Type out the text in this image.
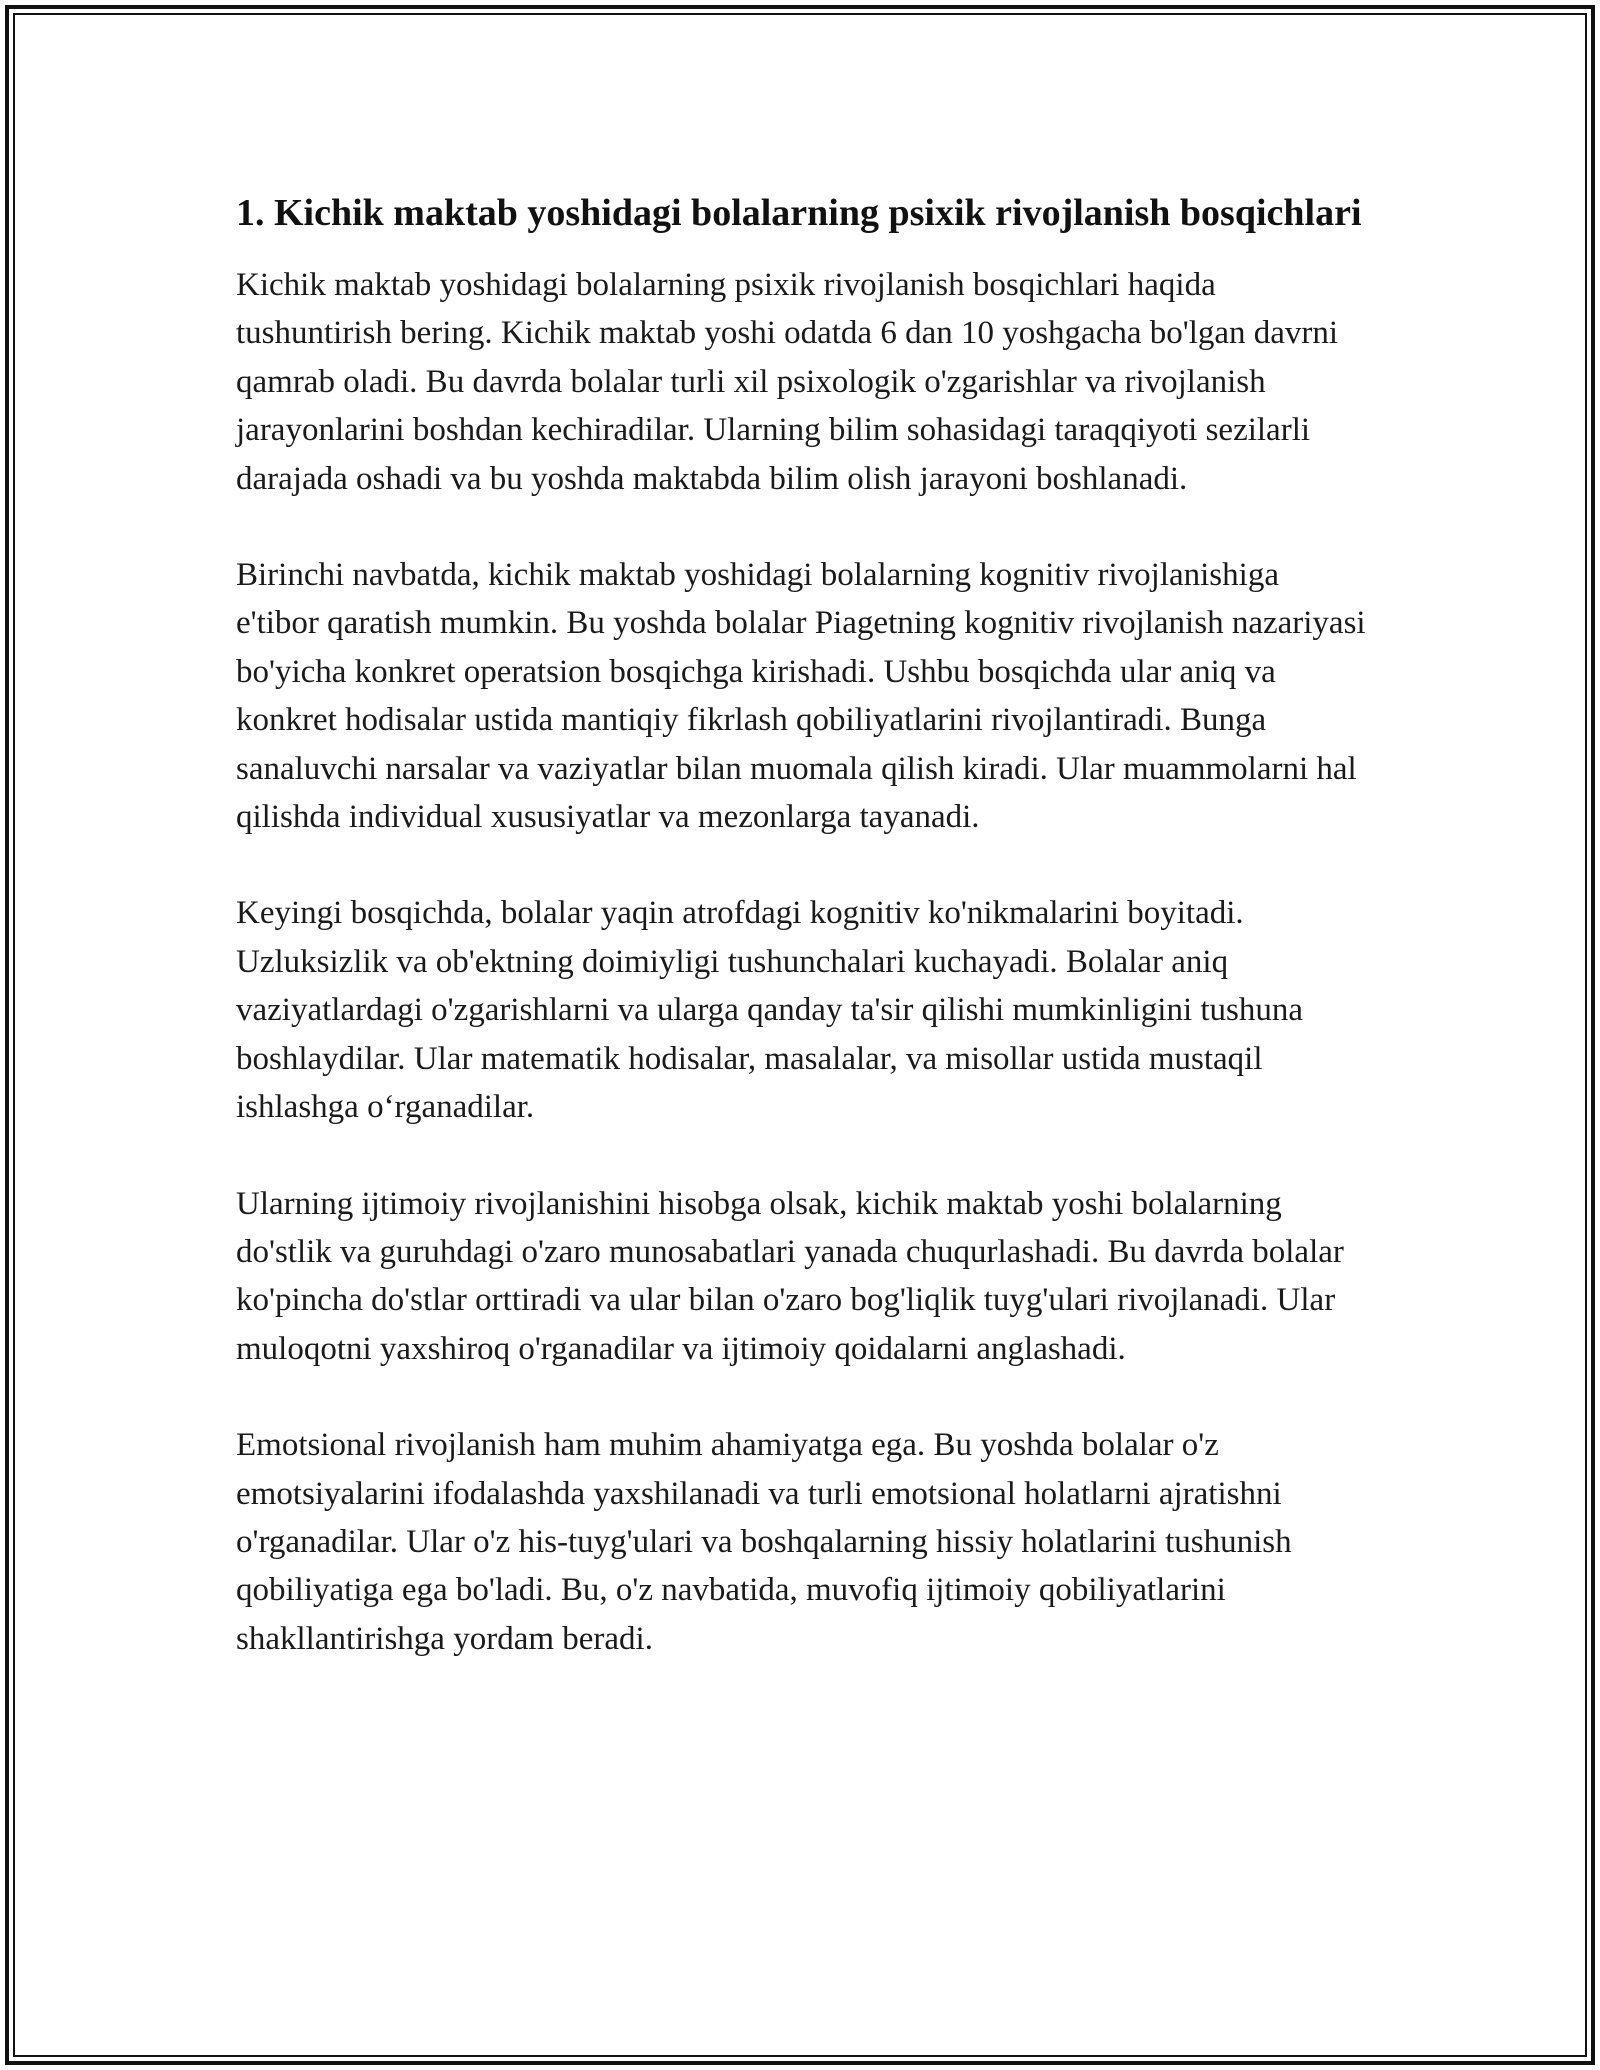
1. Kichik maktab yoshidagi bolalarning psixik rivojlanish bosqichlari

Kichik maktab yoshidagi bolalarning psixik rivojlanish bosqichlari haqida tushuntirish bering. Kichik maktab yoshi odatda 6 dan 10 yoshgacha bo'lgan davrni qamrab oladi. Bu davrda bolalar turli xil psixologik o'zgarishlar va rivojlanish jarayonlarini boshdan kechiradilar. Ularning bilim sohasidagi taraqqiyoti sezilarli darajada oshadi va bu yoshda maktabda bilim olish jarayoni boshlanadi.

Birinchi navbatda, kichik maktab yoshidagi bolalarning kognitiv rivojlanishiga e'tibor qaratish mumkin. Bu yoshda bolalar Piagetning kognitiv rivojlanish nazariyasi bo'yicha konkret operatsion bosqichga kirishadi. Ushbu bosqichda ular aniq va konkret hodisalar ustida mantiqiy fikrlash qobiliyatlarini rivojlantiradi. Bunga sanaluvchi narsalar va vaziyatlar bilan muomala qilish kiradi. Ular muammolarni hal qilishda individual xususiyatlar va mezonlarga tayanadi.

Keyingi bosqichda, bolalar yaqin atrofdagi kognitiv ko'nikmalarini boyitadi. Uzluksizlik va ob'ektning doimiyligi tushunchalari kuchayadi. Bolalar aniq vaziyatlardagi o'zgarishlarni va ularga qanday ta'sir qilishi mumkinligini tushuna boshlaydilar. Ular matematik hodisalar, masalalar, va misollar ustida mustaqil ishlashga o‘rganadilar.

Ularning ijtimoiy rivojlanishini hisobga olsak, kichik maktab yoshi bolalarning do'stlik va guruhdagi o'zaro munosabatlari yanada chuqurlashadi. Bu davrda bolalar ko'pincha do'stlar orttiradi va ular bilan o'zaro bog'liqlik tuyg'ulari rivojlanadi. Ular muloqotni yaxshiroq o'rganadilar va ijtimoiy qoidalarni anglashadi.

Emotsional rivojlanish ham muhim ahamiyatga ega. Bu yoshda bolalar o'z emotsiyalarini ifodalashda yaxshilanadi va turli emotsional holatlarni ajratishni o'rganadilar. Ular o'z his-tuyg'ulari va boshqalarning hissiy holatlarini tushunish qobiliyatiga ega bo'ladi. Bu, o'z navbatida, muvofiq ijtimoiy qobiliyatlarini shakllantirishga yordam beradi.
